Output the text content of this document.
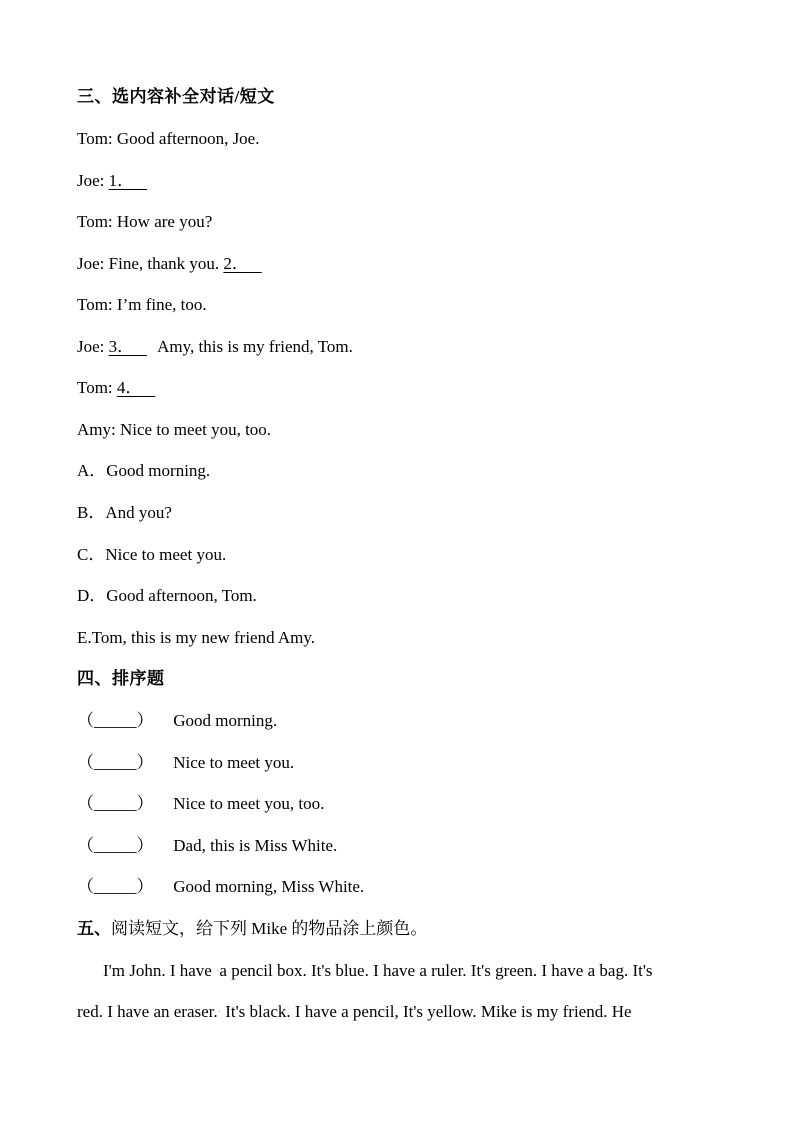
三、选内容补全对话/短文
Tom: Good afternoon, Joe.
Joe: 1．
Tom: How are you?
Joe: Fine, thank you. 2．
Tom: I’m fine, too.
Joe: 3． Amy, this is my friend, Tom.
Tom: 4．
Amy: Nice to meet you, too.
A．Good morning.
B．And you?
C．Nice to meet you.
D．Good afternoon, Tom.
E.Tom, this is my new friend Amy.
四、排序题
（_____） Good morning.
（_____） Nice to meet you.
（_____） Nice to meet you, too.
（_____） Dad, this is Miss White.
（_____） Good morning, Miss White.
五、阅读短文，给下列 Mike 的物品涂上颜色。
I'm John. I have ·a pencil box. It's blue. I have a ruler. It's green. I have a bag. It's
red. I have an eraser.· It's black. I have a pencil, It's yellow. Mike is my friend. He
